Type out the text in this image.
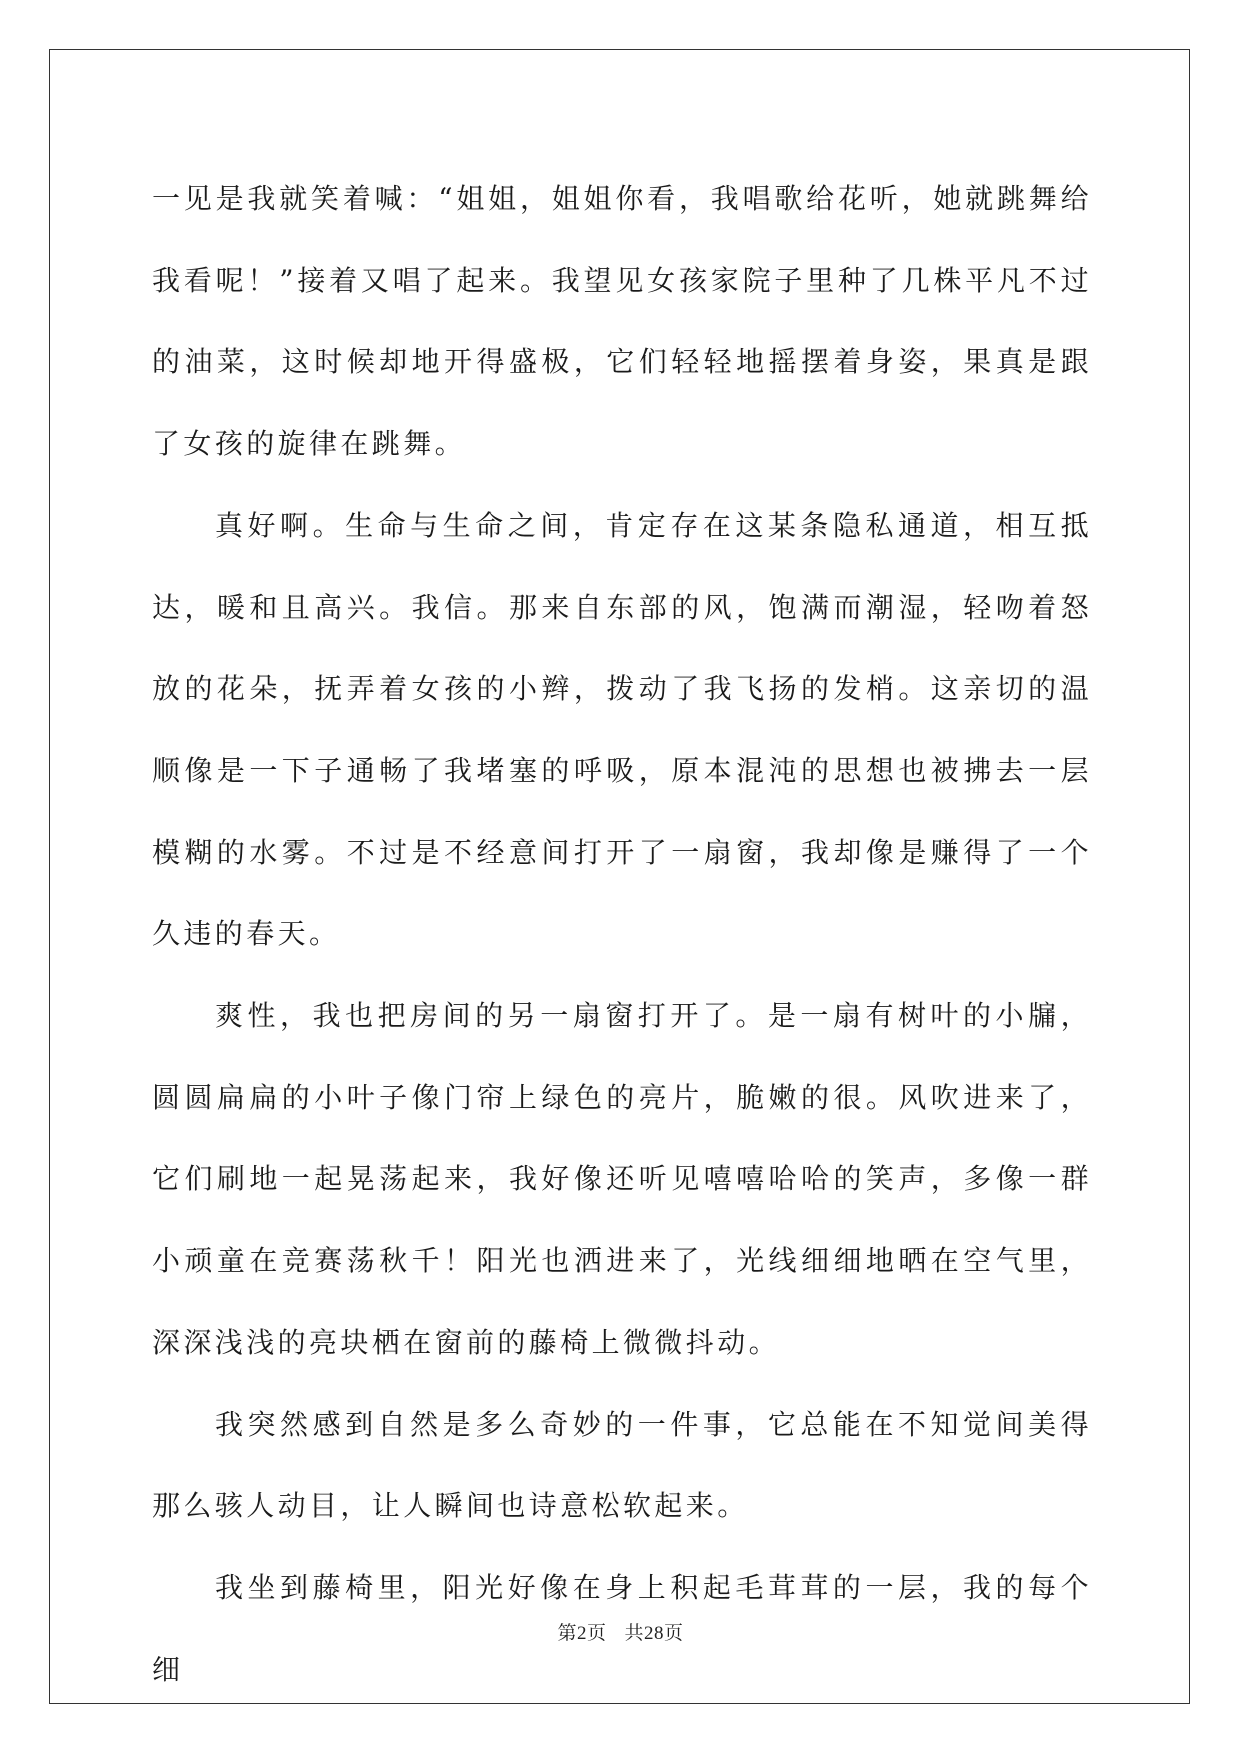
一见是我就笑着喊：“姐姐，姐姐你看，我唱歌给花听，她就跳舞给我看呢！”接着又唱了起来。我望见女孩家院子里种了几株平凡不过的油菜，这时候却地开得盛极，它们轻轻地摇摆着身姿，果真是跟了女孩的旋律在跳舞。

真好啊。生命与生命之间，肯定存在这某条隐私通道，相互抵达，暖和且高兴。我信。那来自东部的风，饱满而潮湿，轻吻着怒放的花朵，抚弄着女孩的小辫，拨动了我飞扬的发梢。这亲切的温顺像是一下子通畅了我堵塞的呼吸，原本混沌的思想也被拂去一层模糊的水雾。不过是不经意间打开了一扇窗，我却像是赚得了一个久违的春天。

爽性，我也把房间的另一扇窗打开了。是一扇有树叶的小牖，圆圆扁扁的小叶子像门帘上绿色的亮片，脆嫩的很。风吹进来了，它们刷地一起晃荡起来，我好像还听见嘻嘻哈哈的笑声，多像一群小顽童在竞赛荡秋千！阳光也洒进来了，光线细细地晒在空气里，深深浅浅的亮块栖在窗前的藤椅上微微抖动。

我突然感到自然是多么奇妙的一件事，它总能在不知觉间美得那么骇人动目，让人瞬间也诗意松软起来。

我坐到藤椅里，阳光好像在身上积起毛茸茸的一层，我的每个细

第2页 共28页
